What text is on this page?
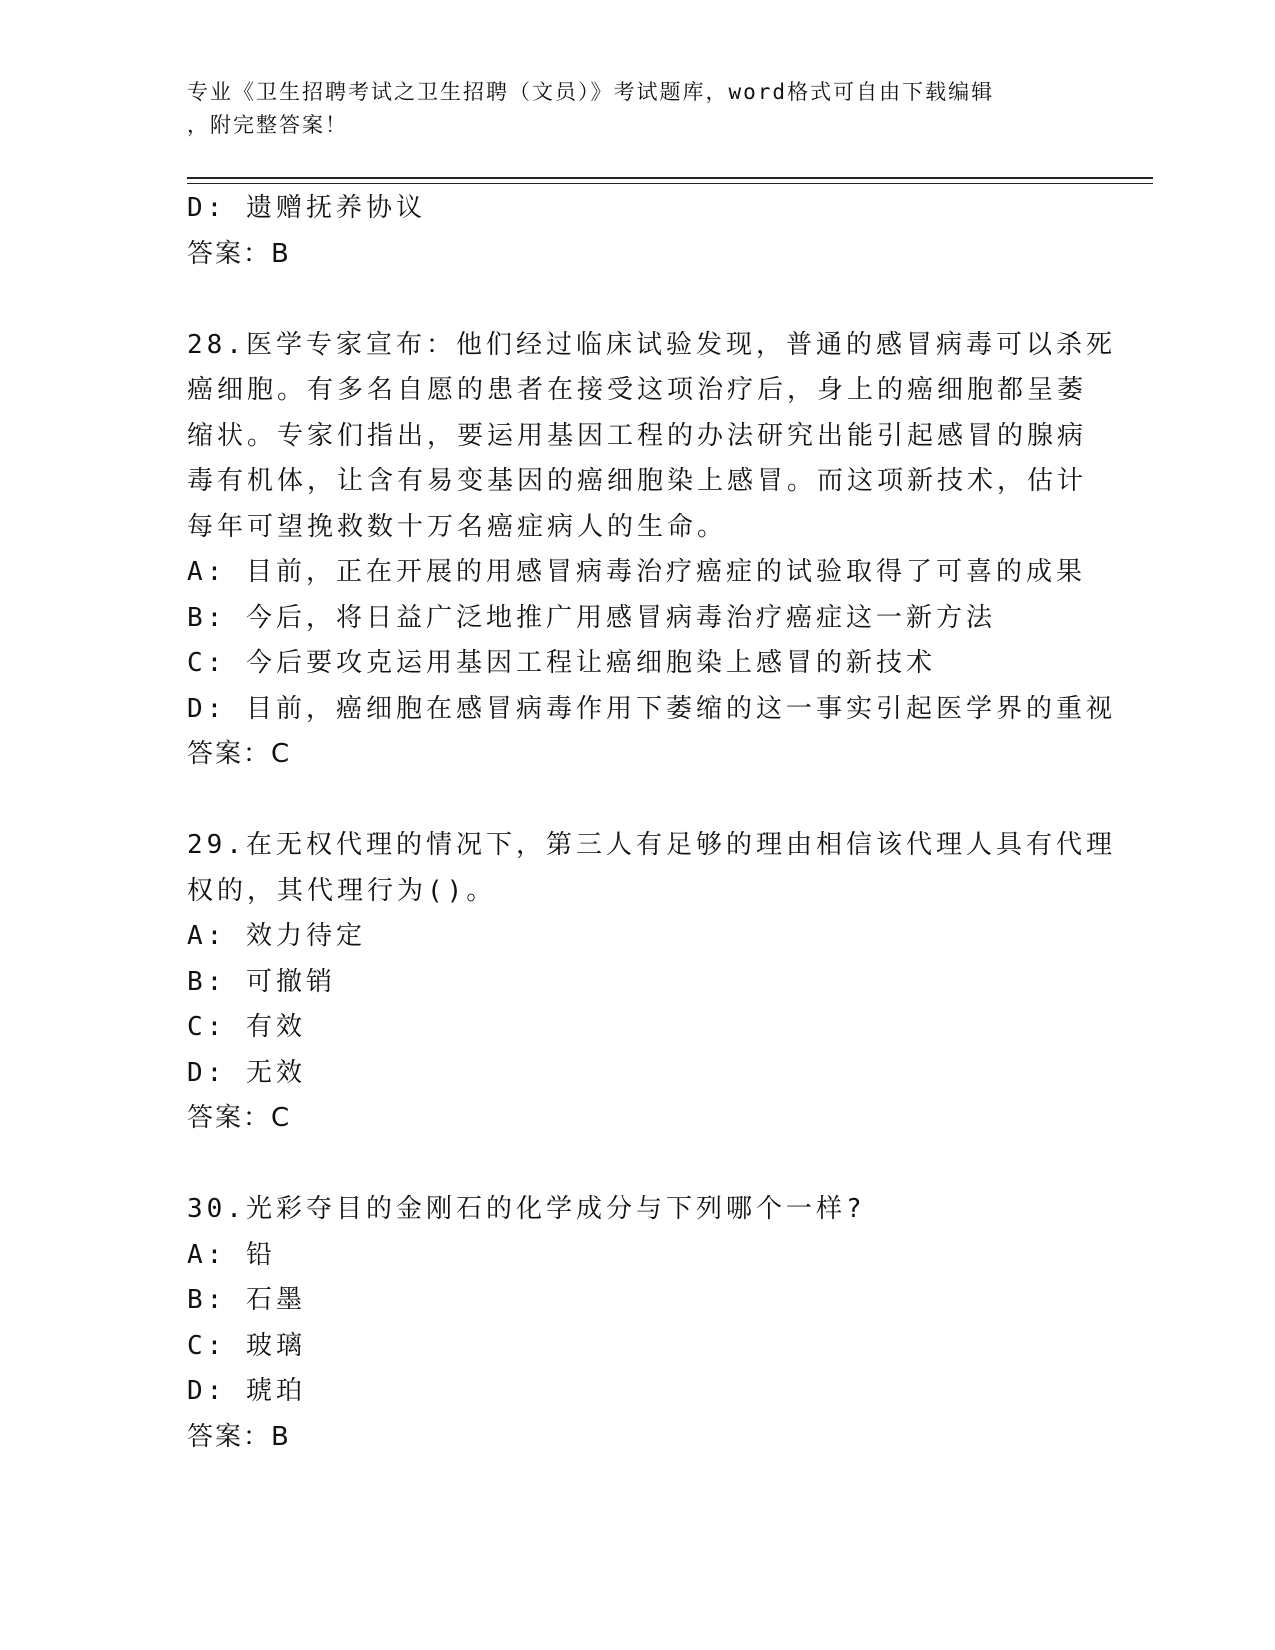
专业《卫生招聘考试之卫生招聘（文员）》考试题库，word格式可自由下载编辑
，附完整答案！
D: 遗赠抚养协议
答案：B
28.医学专家宣布：他们经过临床试验发现，普通的感冒病毒可以杀死
癌细胞。有多名自愿的患者在接受这项治疗后，身上的癌细胞都呈萎
缩状。专家们指出，要运用基因工程的办法研究出能引起感冒的腺病
毒有机体，让含有易变基因的癌细胞染上感冒。而这项新技术，估计
每年可望挽救数十万名癌症病人的生命。
A: 目前，正在开展的用感冒病毒治疗癌症的试验取得了可喜的成果
B: 今后，将日益广泛地推广用感冒病毒治疗癌症这一新方法
C: 今后要攻克运用基因工程让癌细胞染上感冒的新技术
D: 目前，癌细胞在感冒病毒作用下萎缩的这一事实引起医学界的重视
答案：C
29.在无权代理的情况下，第三人有足够的理由相信该代理人具有代理
权的，其代理行为()。
A: 效力待定
B: 可撤销
C: 有效
D: 无效
答案：C
30.光彩夺目的金刚石的化学成分与下列哪个一样?
A: 铅
B: 石墨
C: 玻璃
D: 琥珀
答案：B
